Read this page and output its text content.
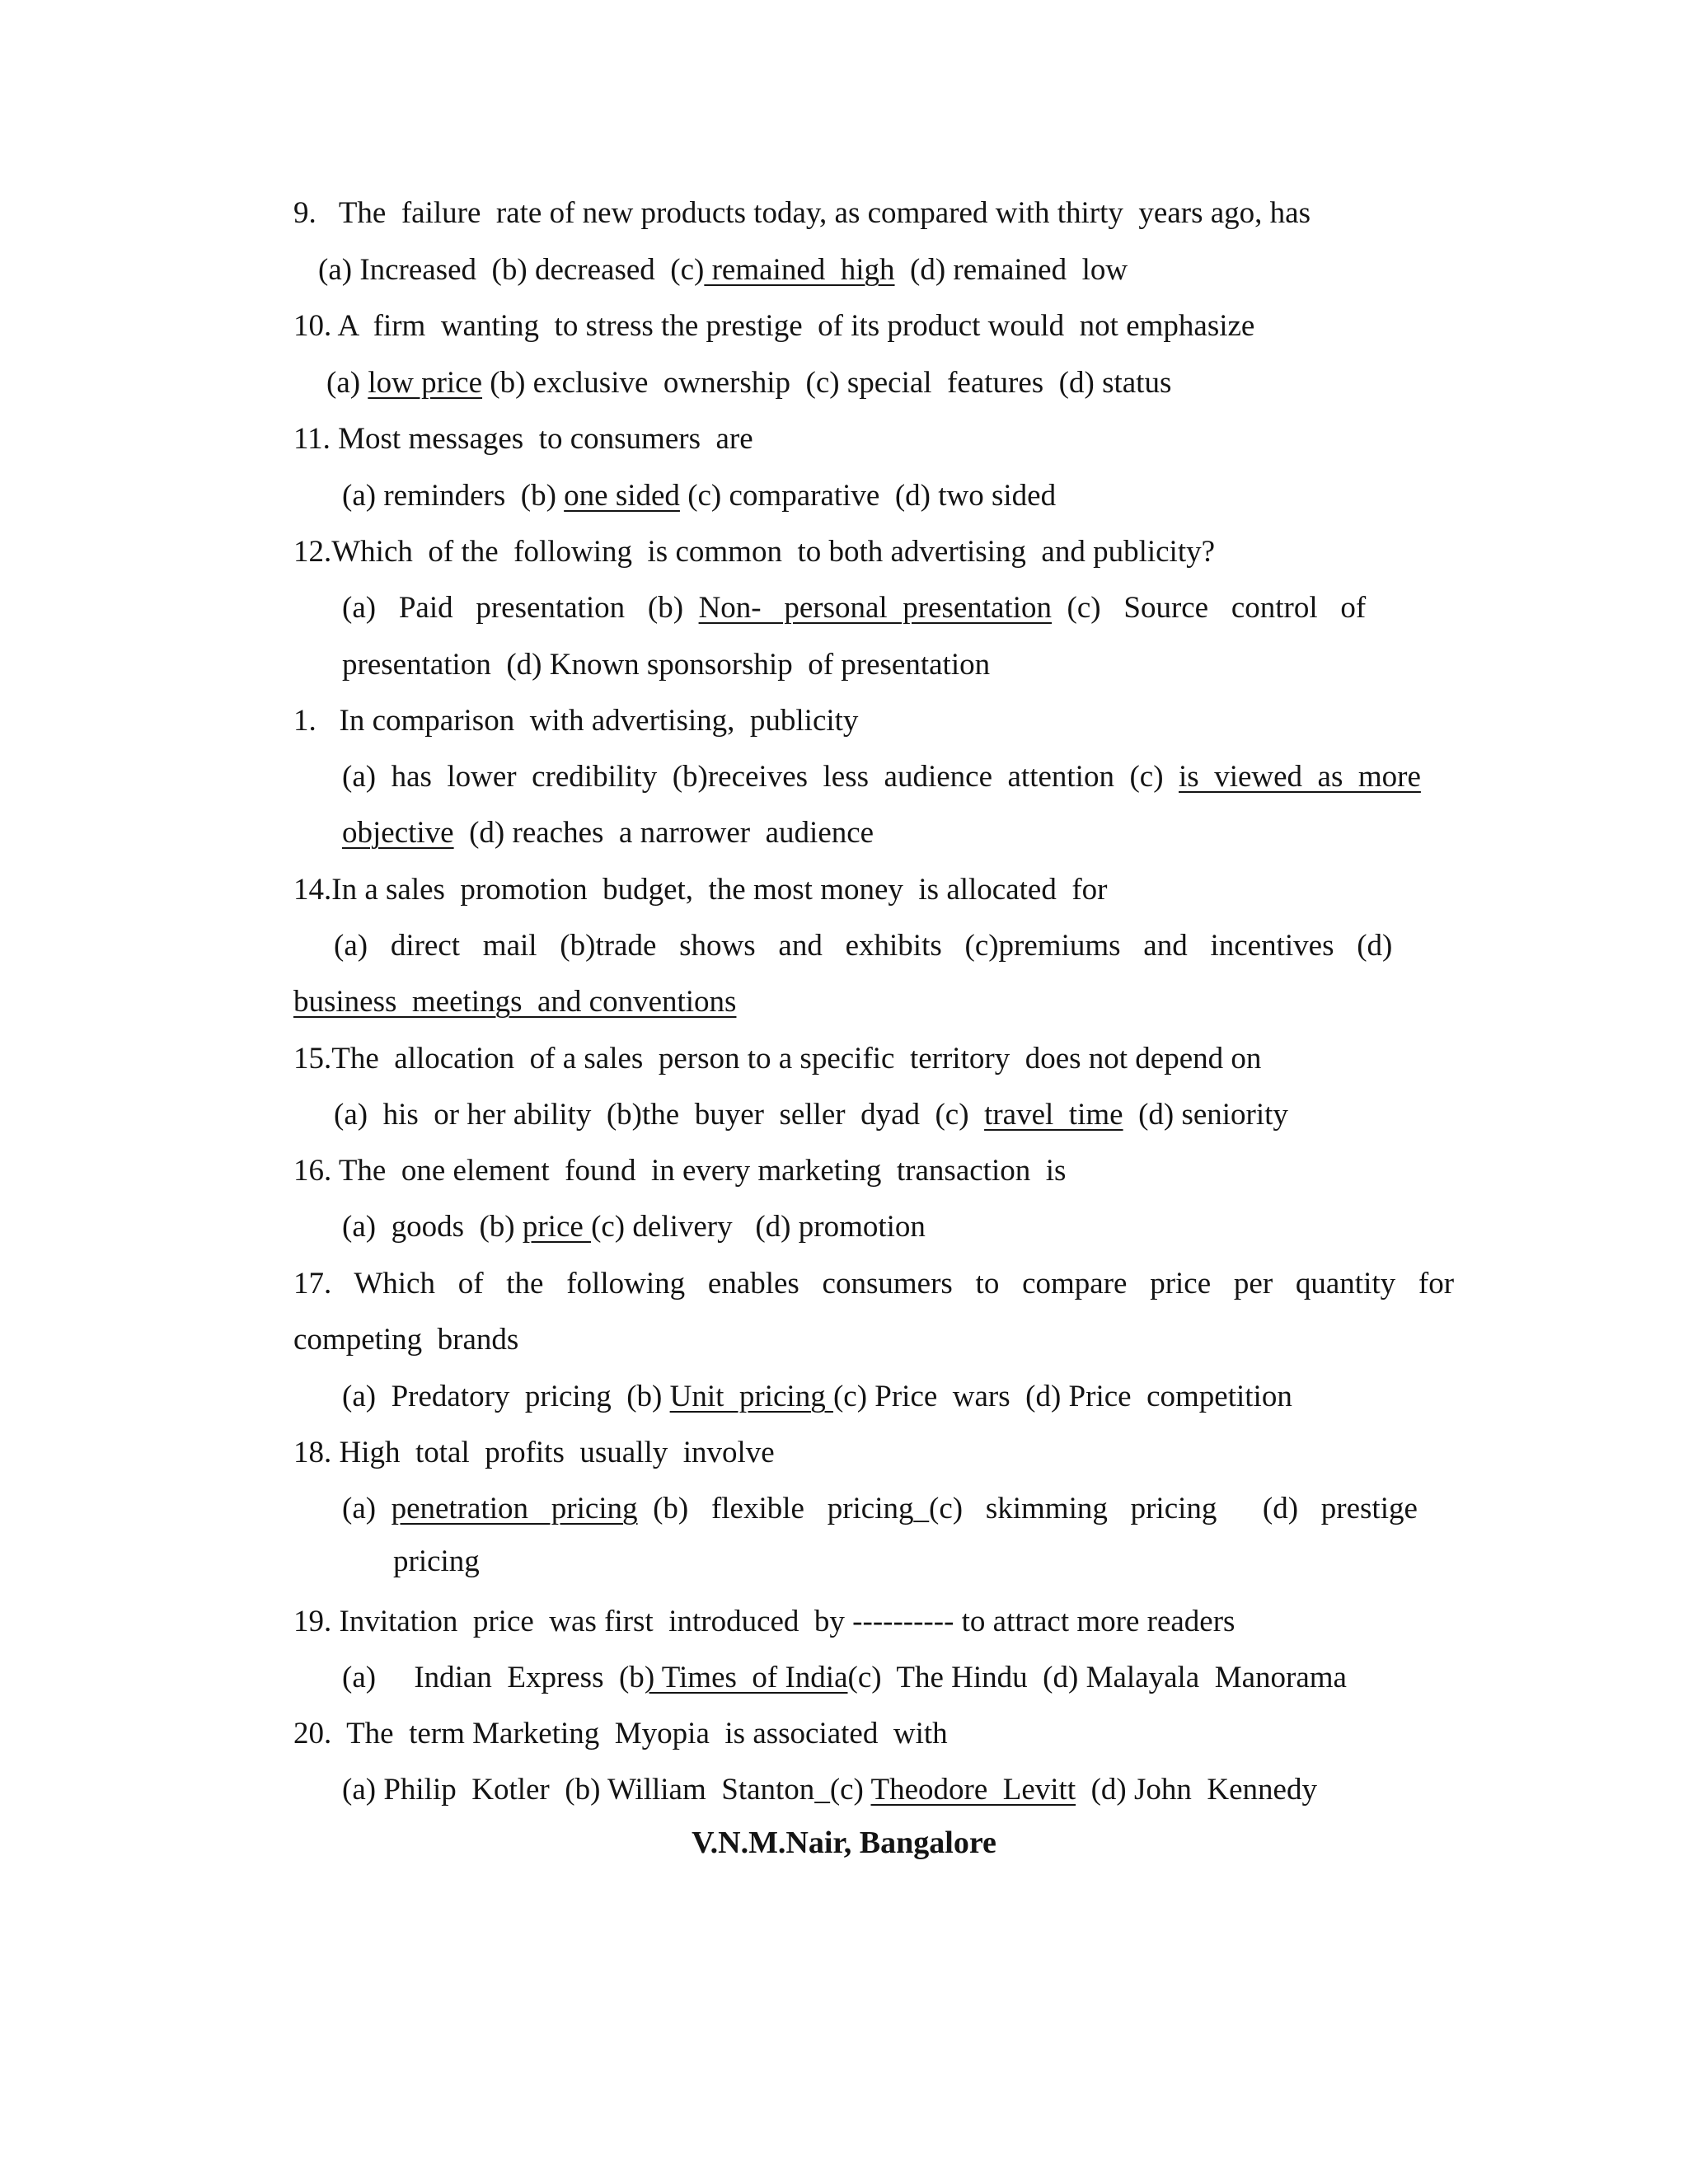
9.   The  failure  rate of new products today, as compared with thirty  years ago, has
(a) Increased  (b) decreased  (c) remained  high  (d) remained  low
10. A  firm  wanting  to stress the prestige  of its product would  not emphasize
(a) low price (b) exclusive  ownership  (c) special  features  (d) status
11. Most messages  to consumers  are
(a) reminders  (b) one sided (c) comparative  (d) two sided
12.Which  of the  following  is common  to both advertising  and publicity?
(a)   Paid   presentation   (b)  Non-   personal  presentation  (c)   Source   control   of
presentation  (d) Known sponsorship  of presentation
1.   In comparison  with advertising,  publicity
(a)  has  lower  credibility  (b)receives  less  audience  attention  (c)  is  viewed  as  more
objective  (d) reaches  a narrower  audience
14.In a sales  promotion  budget,  the most money  is allocated  for
(a)   direct   mail   (b)trade   shows   and   exhibits   (c)premiums   and   incentives   (d)
business  meetings  and conventions
15.The  allocation  of a sales  person to a specific  territory  does not depend on
(a)  his  or her ability  (b)the  buyer  seller  dyad  (c)  travel  time  (d) seniority
16. The  one element  found  in every marketing  transaction  is
(a)  goods  (b) price (c) delivery   (d) promotion
17.   Which   of   the   following   enables   consumers   to   compare   price   per   quantity   for
competing  brands
(a)  Predatory  pricing  (b) Unit  pricing (c) Price  wars  (d) Price  competition
18. High  total  profits  usually  involve
(a)  penetration   pricing  (b)   flexible   pricing_(c)   skimming   pricing      (d)   prestige
pricing
19. Invitation  price  was first  introduced  by ---------- to attract more readers
(a)     Indian  Express  (b) Times  of India(c)  The Hindu  (d) Malayala  Manorama
20.  The  term Marketing  Myopia  is associated  with
(a) Philip  Kotler  (b) William  Stanton_(c) Theodore  Levitt  (d) John  Kennedy
V.N.M.Nair, Bangalore
